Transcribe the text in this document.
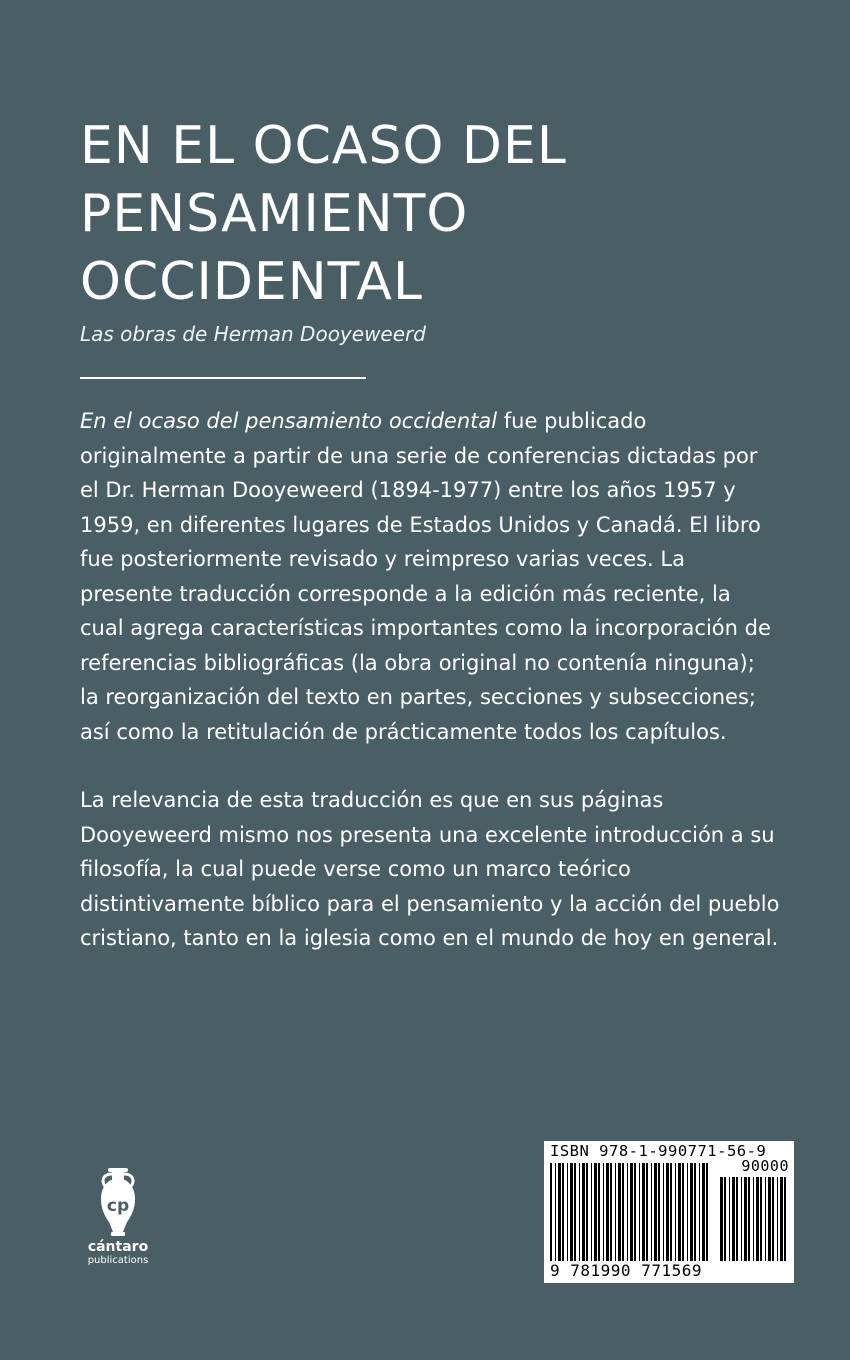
EN EL OCASO DEL
PENSAMIENTO
OCCIDENTAL
Las obras de Herman Dooyeweerd

En el ocaso del pensamiento occidental fue publicado originalmente a partir de una serie de conferencias dictadas por el Dr. Herman Dooyeweerd (1894-1977) entre los años 1957 y 1959, en diferentes lugares de Estados Unidos y Canadá. El libro fue posteriormente revisado y reimpreso varias veces. La presente traducción corresponde a la edición más reciente, la cual agrega características importantes como la incorporación de referencias bibliográficas (la obra original no contenía ninguna); la reorganización del texto en partes, secciones y subsecciones; así como la retitulación de prácticamente todos los capítulos.

La relevancia de esta traducción es que en sus páginas Dooyeweerd mismo nos presenta una excelente introducción a su filosofía, la cual puede verse como un marco teórico distintivamente bíblico para el pensamiento y la acción del pueblo cristiano, tanto en la iglesia como en el mundo de hoy en general.

cp
cántaro
publications
ISBN 978-1-990771-56-9
90000
9 781990 771569
